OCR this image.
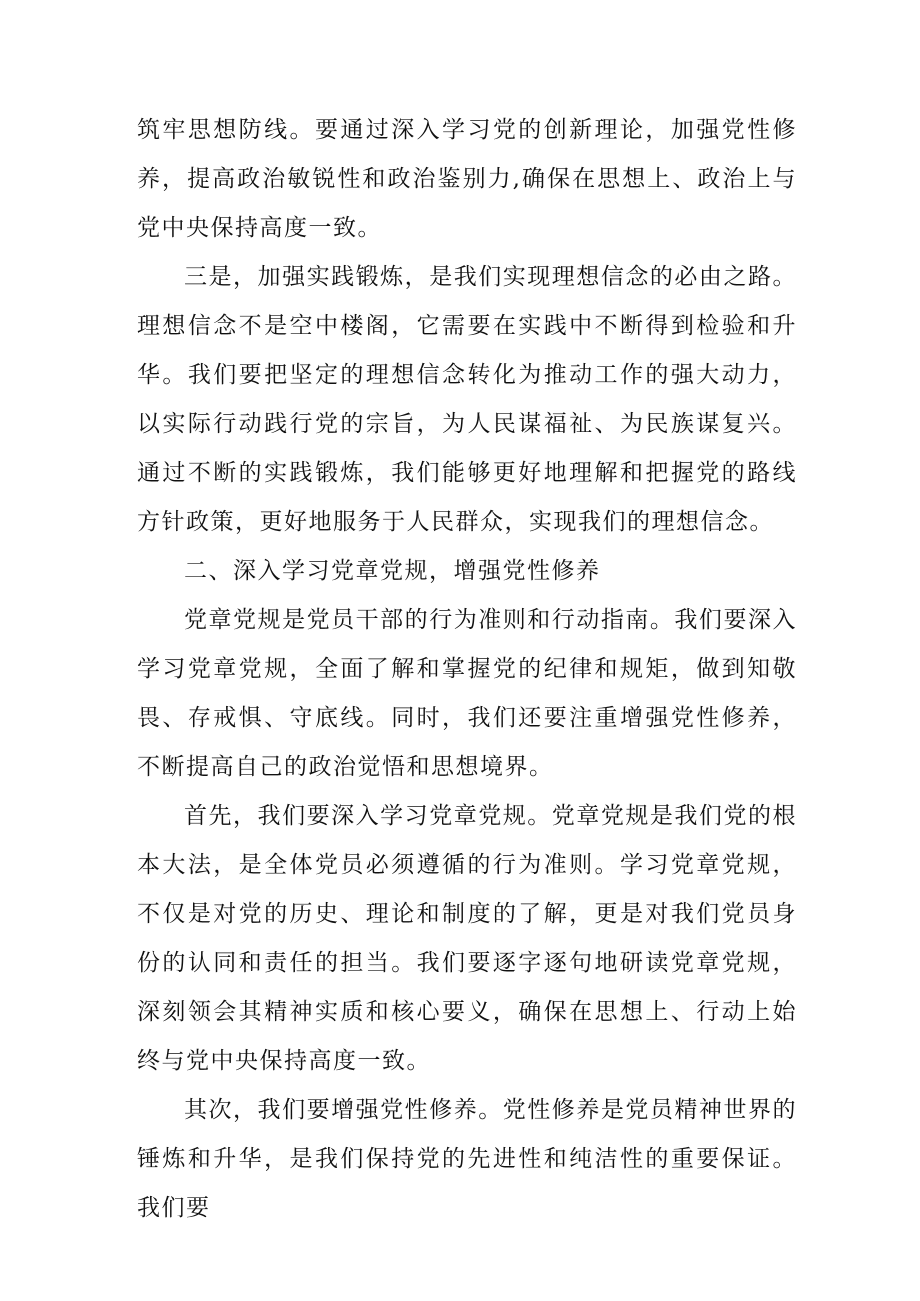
筑牢思想防线。要通过深入学习党的创新理论，加强党性修养，提高政治敏锐性和政治鉴别力,确保在思想上、政治上与党中央保持高度一致。

三是，加强实践锻炼，是我们实现理想信念的必由之路。理想信念不是空中楼阁，它需要在实践中不断得到检验和升华。我们要把坚定的理想信念转化为推动工作的强大动力，以实际行动践行党的宗旨，为人民谋福祉、为民族谋复兴。通过不断的实践锻炼，我们能够更好地理解和把握党的路线方针政策，更好地服务于人民群众，实现我们的理想信念。

二、深入学习党章党规，增强党性修养

党章党规是党员干部的行为准则和行动指南。我们要深入学习党章党规，全面了解和掌握党的纪律和规矩，做到知敬畏、存戒惧、守底线。同时，我们还要注重增强党性修养，不断提高自己的政治觉悟和思想境界。

首先，我们要深入学习党章党规。党章党规是我们党的根本大法，是全体党员必须遵循的行为准则。学习党章党规，不仅是对党的历史、理论和制度的了解，更是对我们党员身份的认同和责任的担当。我们要逐字逐句地研读党章党规，深刻领会其精神实质和核心要义，确保在思想上、行动上始终与党中央保持高度一致。

其次，我们要增强党性修养。党性修养是党员精神世界的锤炼和升华，是我们保持党的先进性和纯洁性的重要保证。我们要
